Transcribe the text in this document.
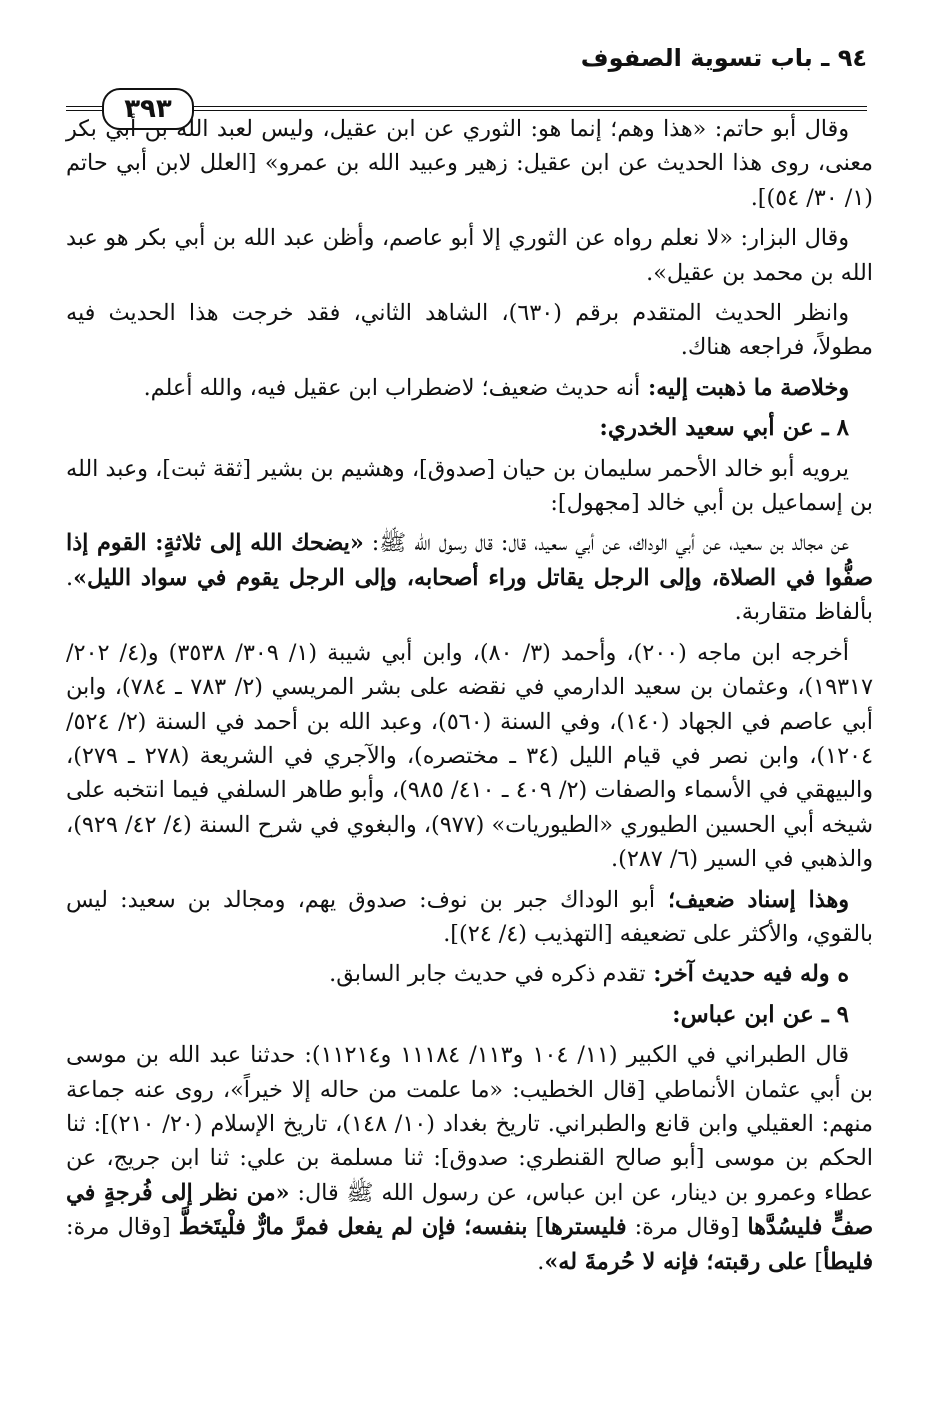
٩٤ ـ باب تسوية الصفوف
٣٩٣

وقال أبو حاتم: «هذا وهم؛ إنما هو: الثوري عن ابن عقيل، وليس لعبد الله بن أبي بكر معنى، روى هذا الحديث عن ابن عقيل: زهير وعبيد الله بن عمرو» [العلل لابن أبي حاتم (١/ ٣٠/ ٥٤)].

وقال البزار: «لا نعلم رواه عن الثوري إلا أبو عاصم، وأظن عبد الله بن أبي بكر هو عبد الله بن محمد بن عقيل».

وانظر الحديث المتقدم برقم (٦٣٠)، الشاهد الثاني، فقد خرجت هذا الحديث فيه مطولاً، فراجعه هناك.

وخلاصة ما ذهبت إليه: أنه حديث ضعيف؛ لاضطراب ابن عقيل فيه، والله أعلم.

٨ ـ عن أبي سعيد الخدري:

يرويه أبو خالد الأحمر سليمان بن حيان [صدوق]، وهشيم بن بشير [ثقة ثبت]، وعبد الله بن إسماعيل بن أبي خالد [مجهول]:

عن مجالد بن سعيد، عن أبي الوداك، عن أبي سعيد، قال: قال رسول الله ﷺ: «يضحك الله إلى ثلاثةٍ: القوم إذا صفُّوا في الصلاة، وإلى الرجل يقاتل وراء أصحابه، وإلى الرجل يقوم في سواد الليل». بألفاظ متقاربة.

أخرجه ابن ماجه (٢٠٠)، وأحمد (٣/ ٨٠)، وابن أبي شيبة (١/ ٣٠٩/ ٣٥٣٨) و(٤/ ٢٠٢/ ١٩٣١٧)، وعثمان بن سعيد الدارمي في نقضه على بشر المريسي (٢/ ٧٨٣ ـ ٧٨٤)، وابن أبي عاصم في الجهاد (١٤٠)، وفي السنة (٥٦٠)، وعبد الله بن أحمد في السنة (٢/ ٥٢٤/ ١٢٠٤)، وابن نصر في قيام الليل (٣٤ ـ مختصره)، والآجري في الشريعة (٢٧٨ ـ ٢٧٩)، والبيهقي في الأسماء والصفات (٢/ ٤٠٩ ـ ٤١٠/ ٩٨٥)، وأبو طاهر السلفي فيما انتخبه على شيخه أبي الحسين الطيوري «الطيوريات» (٩٧٧)، والبغوي في شرح السنة (٤/ ٤٢/ ٩٢٩)، والذهبي في السير (٦/ ٢٨٧).

وهذا إسناد ضعيف؛ أبو الوداك جبر بن نوف: صدوق يهم، ومجالد بن سعيد: ليس بالقوي، والأكثر على تضعيفه [التهذيب (٤/ ٢٤)].

ه وله فيه حديث آخر: تقدم ذكره في حديث جابر السابق.

٩ ـ عن ابن عباس:

قال الطبراني في الكبير (١١/ ١٠٤ و١١٣/ ١١١٨٤ و١١٢١٤): حدثنا عبد الله بن موسى بن أبي عثمان الأنماطي [قال الخطيب: «ما علمت من حاله إلا خيراً»، روى عنه جماعة منهم: العقيلي وابن قانع والطبراني. تاريخ بغداد (١٠/ ١٤٨)، تاريخ الإسلام (٢٠/ ٢١٠)]: ثنا الحكم بن موسى [أبو صالح القنطري: صدوق]: ثنا مسلمة بن علي: ثنا ابن جريج، عن عطاء وعمرو بن دينار، عن ابن عباس، عن رسول الله ﷺ قال: «من نظر إلى فُرجةٍ في صفٍّ فليسُدَّها [وقال مرة: فليسترها] بنفسه؛ فإن لم يفعل فمرَّ مارٌّ فلْيتَخطَّ [وقال مرة: فليطأ] على رقبته؛ فإنه لا حُرمةَ له».
